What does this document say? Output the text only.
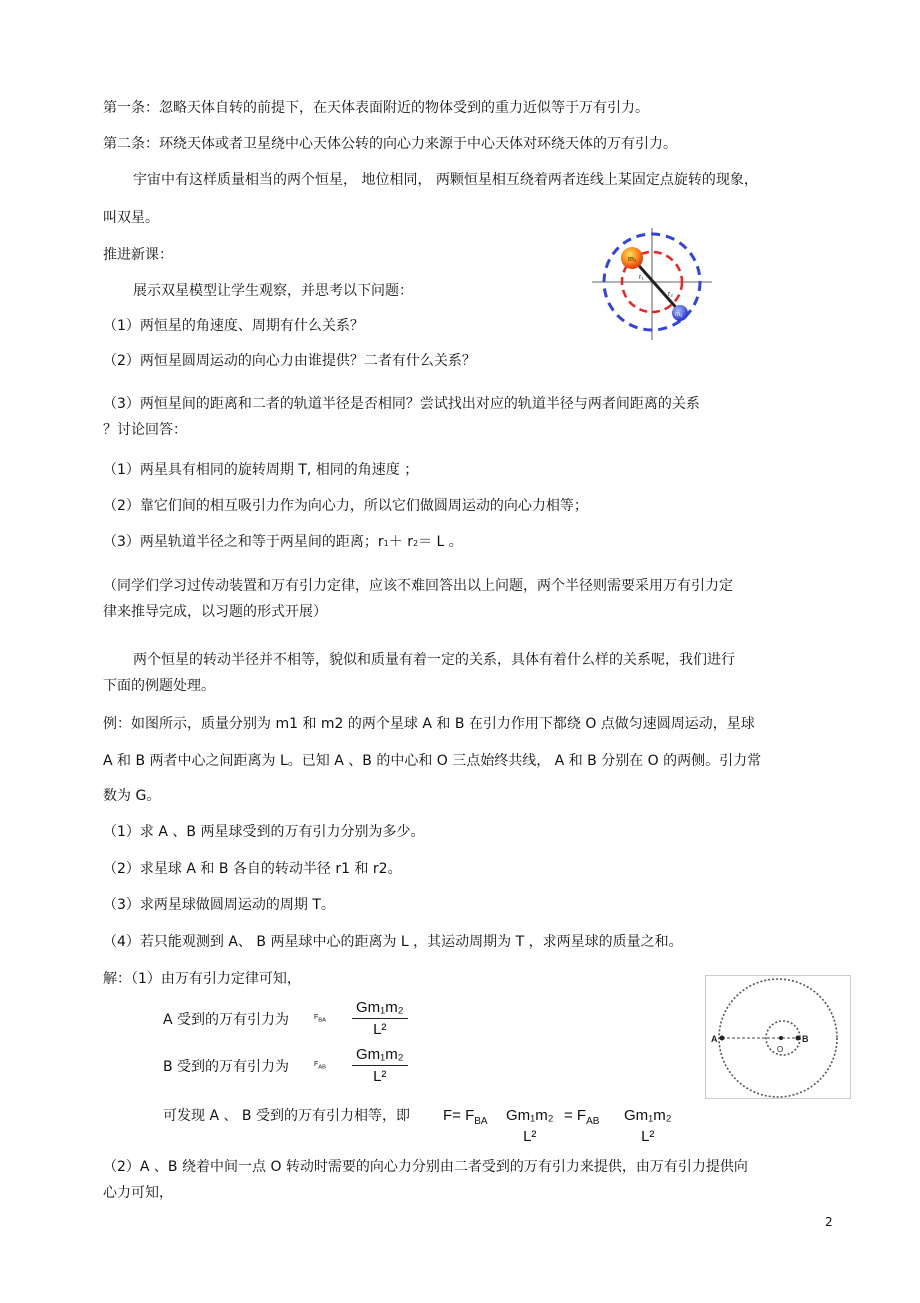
第一条：忽略天体自转的前提下，在天体表面附近的物体受到的重力近似等于万有引力。
第二条：环绕天体或者卫星绕中心天体公转的向心力来源于中心天体对环绕天体的万有引力。
宇宙中有这样质量相当的两个恒星， 地位相同， 两颗恒星相互绕着两者连线上某固定点旋转的现象，
叫双星。
推进新课：
展示双星模型让学生观察，并思考以下问题：
（1）两恒星的角速度、周期有什么关系？
（2）两恒星圆周运动的向心力由谁提供？二者有什么关系？
（3）两恒星间的距离和二者的轨道半径是否相同？尝试找出对应的轨道半径与两者间距离的关系
？讨论回答：
（1）两星具有相同的旋转周期 T, 相同的角速度 ；
（2）靠它们间的相互吸引力作为向心力，所以它们做圆周运动的向心力相等；
（3）两星轨道半径之和等于两星间的距离；r1＋ r2＝ L 。
（同学们学习过传动装置和万有引力定律，应该不难回答出以上问题，两个半径则需要采用万有引力定
律来推导完成，以习题的形式开展）
两个恒星的转动半径并不相等，貌似和质量有着一定的关系，具体有着什么样的关系呢，我们进行
下面的例题处理。
例：如图所示，质量分别为 m1 和 m2 的两个星球 A 和 B 在引力作用下都绕 O 点做匀速圆周运动，星球
A 和 B 两者中心之间距离为 L。已知 A 、B 的中心和 O 三点始终共线， A 和 B 分别在 O 的两侧。引力常
数为 G。
（1）求 A 、B 两星球受到的万有引力分别为多少。
（2）求星球 A 和 B 各自的转动半径 r1 和 r2。
（3）求两星球做圆周运动的周期 T。
（4）若只能观测到 A、 B 两星球中心的距离为 L ，其运动周期为 T ，求两星球的质量之和。
解：（1）由万有引力定律可知，
A 受到的万有引力为	$F_{BA} \frac{\text{Gm₁m₂}}{\text{L²}}$
B 受到的万有引力为	$F_{AB} \frac{\text{Gm₁m₂}}{\text{L²}}$
可发现 A 、 B 受到的万有引力相等，即 $F= F_{BA}$ Gm₁m₂
L²
= $F_{AB}$ Gm₁m₂
L²
（2）A 、B 绕着中间一点 O 转动时需要的向心力分别由二者受到的万有引力来提供，由万有引力提供向
心力可知，
m₁
m₂
r₁
r₂
A	B
O
2
